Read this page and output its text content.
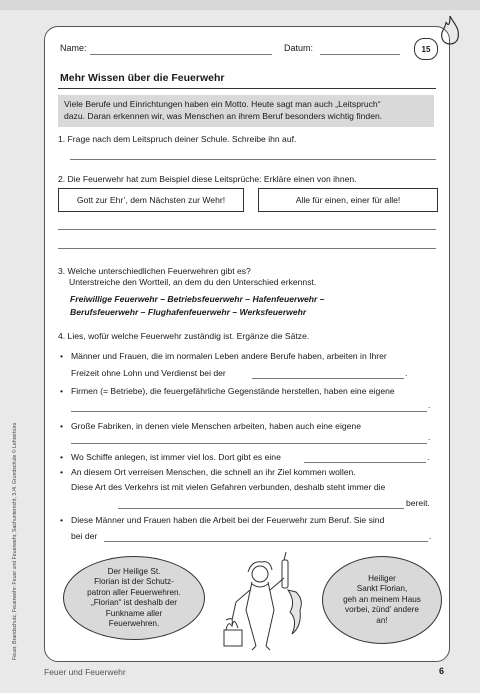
Feuer, Brandschutz, Feuerwehr: Feuer und Feuerwehr, Sachunterricht, 3./4. Grundschule © Lehrerbüro
15
Name:	Datum:
Mehr Wissen über die Feuerwehr
Viele Berufe und Einrichtungen haben ein Motto. Heute sagt man auch „Leitspruch“
dazu. Daran erkennen wir, was Menschen an ihrem Beruf besonders wichtig finden.
1. Frage nach dem Leitspruch deiner Schule. Schreibe ihn auf.
2. Die Feuerwehr hat zum Beispiel diese Leitsprüche: Erkläre einen von ihnen.
Gott zur Ehr’, dem Nächsten zur Wehr!	Alle für einen, einer für alle!
3. Welche unterschiedlichen Feuerwehren gibt es?
Unterstreiche den Wortteil, an dem du den Unterschied erkennst.
Freiwillige Feuerwehr – Betriebsfeuerwehr – Hafenfeuerwehr –
Berufsfeuerwehr – Flughafenfeuerwehr – Werksfeuerwehr
4. Lies, wofür welche Feuerwehr zuständig ist. Ergänze die Sätze.
• Männer und Frauen, die im normalen Leben andere Berufe haben, arbeiten in Ihrer
Freizeit ohne Lohn und Verdienst bei der	.
• Firmen (= Betriebe), die feuergefährliche Gegenstände herstellen, haben eine eigene
.
• Große Fabriken, in denen viele Menschen arbeiten, haben auch eine eigene
.
• Wo Schiffe anlegen, ist immer viel los. Dort gibt es eine	.
• An diesem Ort verreisen Menschen, die schnell an ihr Ziel kommen wollen.
Diese Art des Verkehrs ist mit vielen Gefahren verbunden, deshalb steht immer die
bereit.
• Diese Männer und Frauen haben die Arbeit bei der Feuerwehr zum Beruf. Sie sind
bei der	.
Der Heilige St.
Florian ist der Schutz-
patron aller Feuerwehren.
„Florian“ ist deshalb der
Funkname aller
Feuerwehren.
Heiliger
Sankt Florian,
geh an meinem Haus
vorbei, zünd’ andere
an!
Feuer und Feuerwehr	6
